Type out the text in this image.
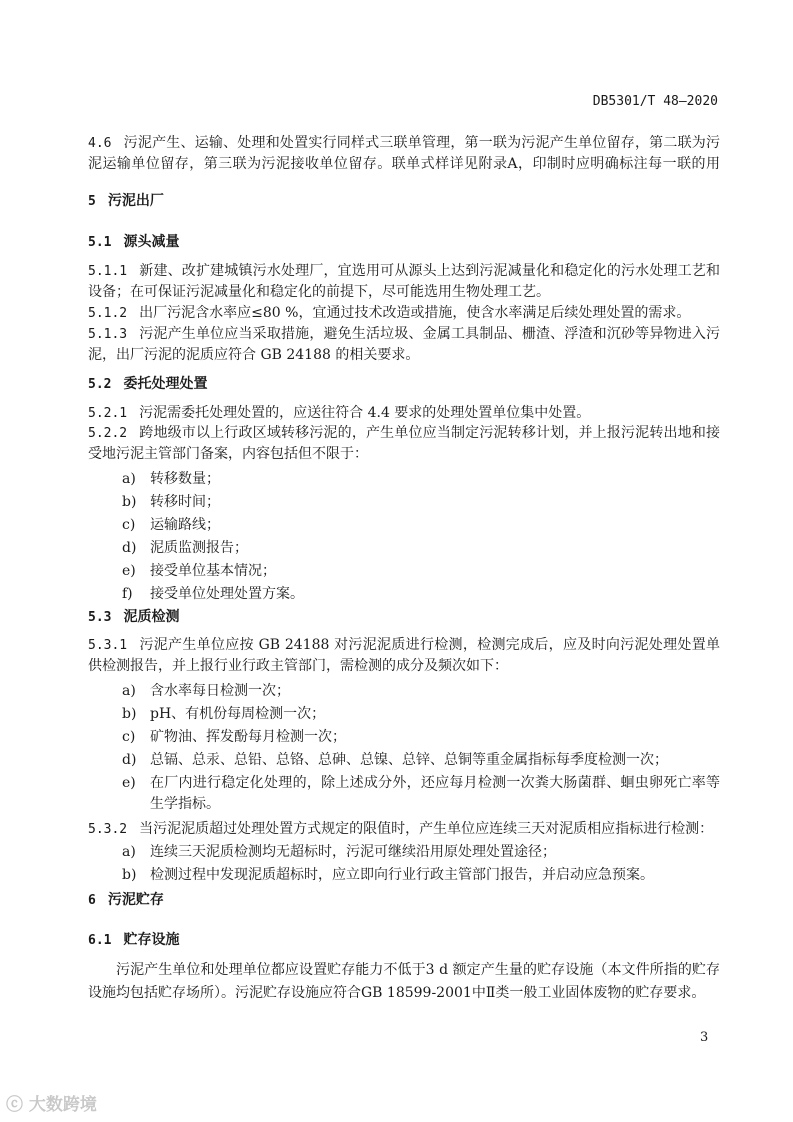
DB5301/T 48—2020
4.6 污泥产生、运输、处理和处置实行同样式三联单管理，第一联为污泥产生单位留存，第二联为污
泥运输单位留存，第三联为污泥接收单位留存。联单式样详见附录A，印制时应明确标注每一联的用
5 污泥出厂
5.1 源头减量
5.1.1 新建、改扩建城镇污水处理厂，宜选用可从源头上达到污泥减量化和稳定化的污水处理工艺和
设备；在可保证污泥减量化和稳定化的前提下，尽可能选用生物处理工艺。
5.1.2 出厂污泥含水率应≤80 %，宜通过技术改造或措施，使含水率满足后续处理处置的需求。
5.1.3 污泥产生单位应当采取措施，避免生活垃圾、金属工具制品、栅渣、浮渣和沉砂等异物进入污
泥，出厂污泥的泥质应符合 GB 24188 的相关要求。
5.2 委托处理处置
5.2.1 污泥需委托处理处置的，应送往符合 4.4 要求的处理处置单位集中处置。
5.2.2 跨地级市以上行政区域转移污泥的，产生单位应当制定污泥转移计划，并上报污泥转出地和接
受地污泥主管部门备案，内容包括但不限于：
a) 转移数量；
b) 转移时间；
c) 运输路线；
d) 泥质监测报告；
e) 接受单位基本情况；
f) 接受单位处理处置方案。
5.3 泥质检测
5.3.1 污泥产生单位应按 GB 24188 对污泥泥质进行检测，检测完成后，应及时向污泥处理处置单
供检测报告，并上报行业行政主管部门，需检测的成分及频次如下：
a) 含水率每日检测一次；
b) pH、有机份每周检测一次；
c) 矿物油、挥发酚每月检测一次；
d) 总镉、总汞、总铅、总铬、总砷、总镍、总锌、总铜等重金属指标每季度检测一次；
e) 在厂内进行稳定化处理的，除上述成分外，还应每月检测一次粪大肠菌群、蛔虫卵死亡率等
生学指标。
5.3.2 当污泥泥质超过处理处置方式规定的限值时，产生单位应连续三天对泥质相应指标进行检测：
a) 连续三天泥质检测均无超标时，污泥可继续沿用原处理处置途径；
b) 检测过程中发现泥质超标时，应立即向行业行政主管部门报告，并启动应急预案。
6 污泥贮存
6.1 贮存设施
污泥产生单位和处理单位都应设置贮存能力不低于3 d 额定产生量的贮存设施（本文件所指的贮存
设施均包括贮存场所）。污泥贮存设施应符合GB 18599-2001中Ⅱ类一般工业固体废物的贮存要求。
3
ⓒ 大数跨境
